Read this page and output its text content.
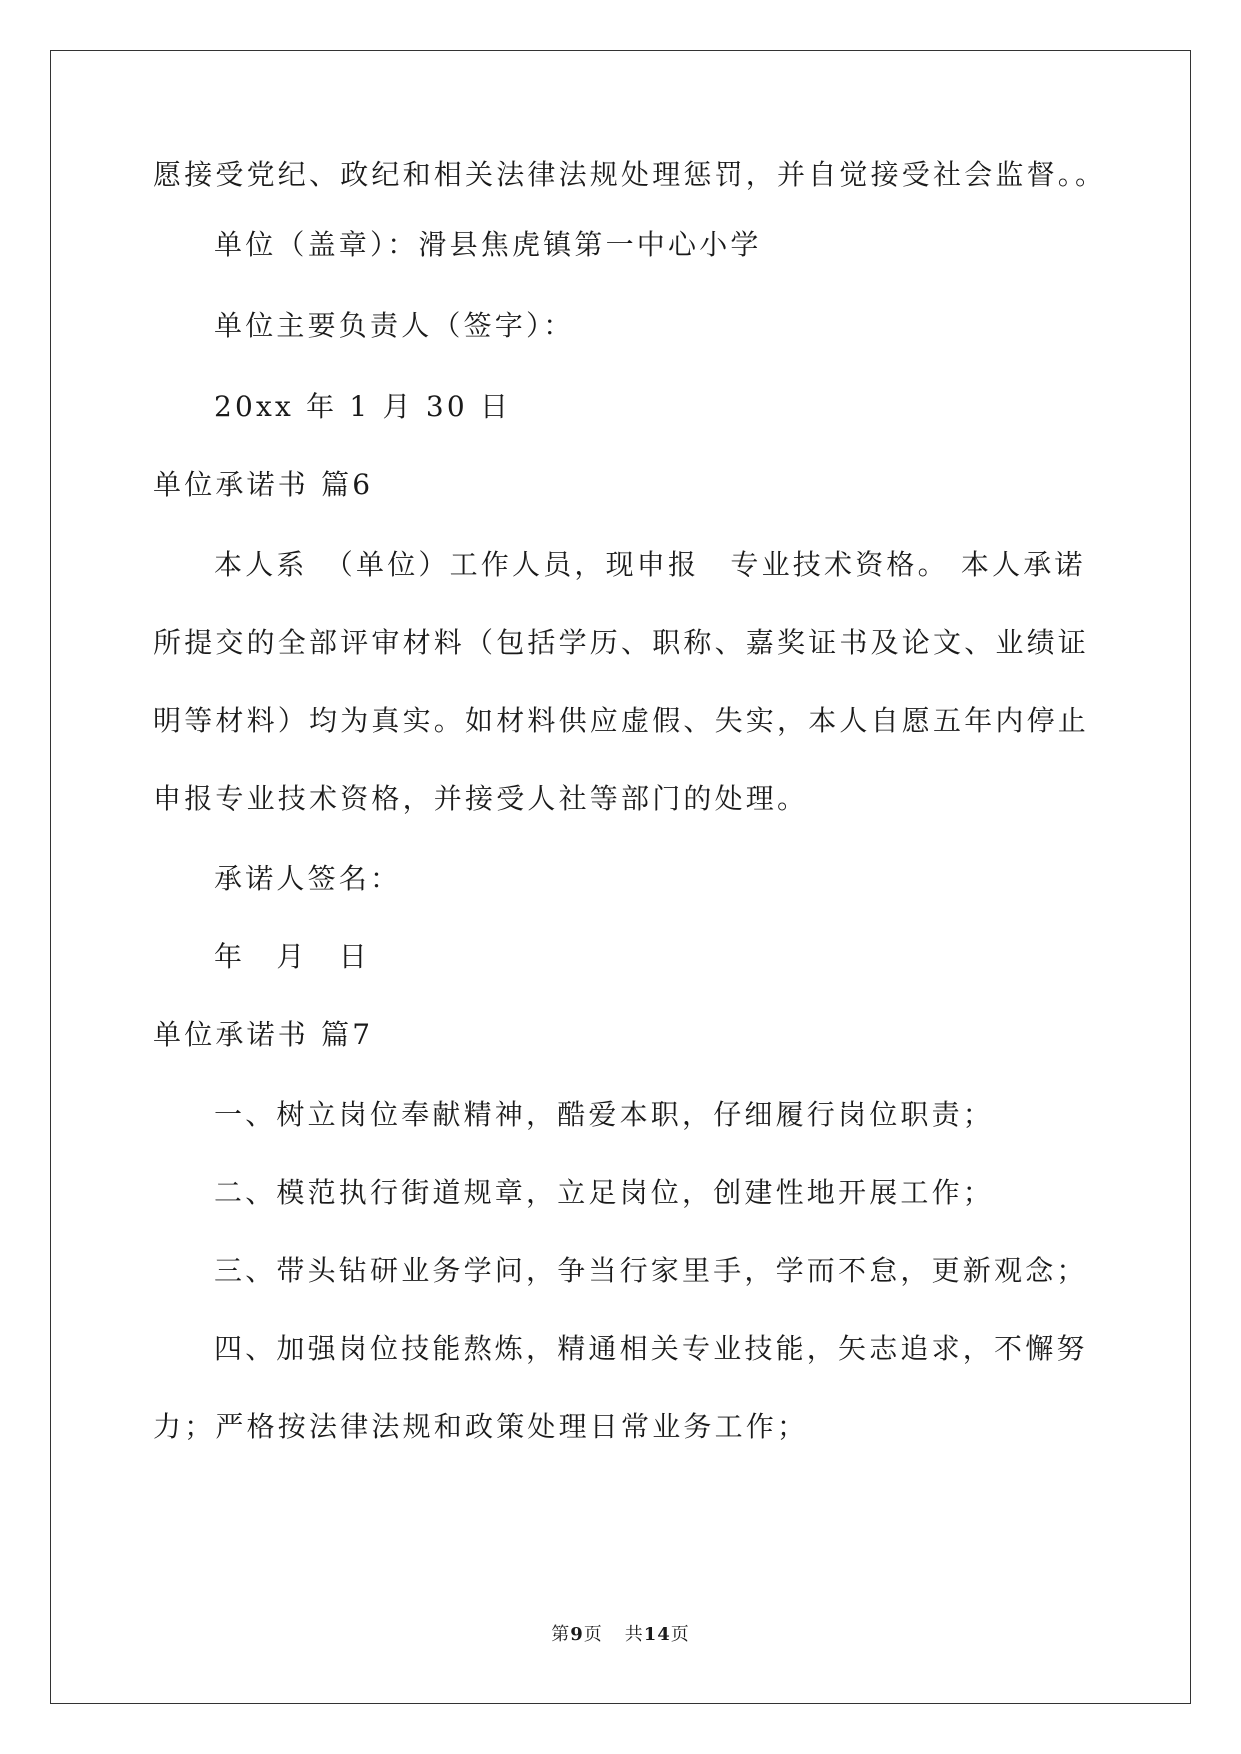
愿接受党纪、政纪和相关法律法规处理惩罚，并自觉接受社会监督。。
单位（盖章）：滑县焦虎镇第一中心小学
单位主要负责人（签字）：
20xx 年 1 月 30 日
单位承诺书 篇6
本人系　（单位）工作人员，现申报　专业技术资格。 本人承诺
所提交的全部评审材料（包括学历、职称、嘉奖证书及论文、业绩证
明等材料）均为真实。如材料供应虚假、失实，本人自愿五年内停止
申报专业技术资格，并接受人社等部门的处理。
承诺人签名：
年　月　日
单位承诺书 篇7
一、树立岗位奉献精神，酷爱本职，仔细履行岗位职责；
二、模范执行街道规章，立足岗位，创建性地开展工作；
三、带头钻研业务学问，争当行家里手，学而不怠，更新观念；
四、加强岗位技能熬炼，精通相关专业技能，矢志追求，不懈努
力；严格按法律法规和政策处理日常业务工作；
第9页 共14页
